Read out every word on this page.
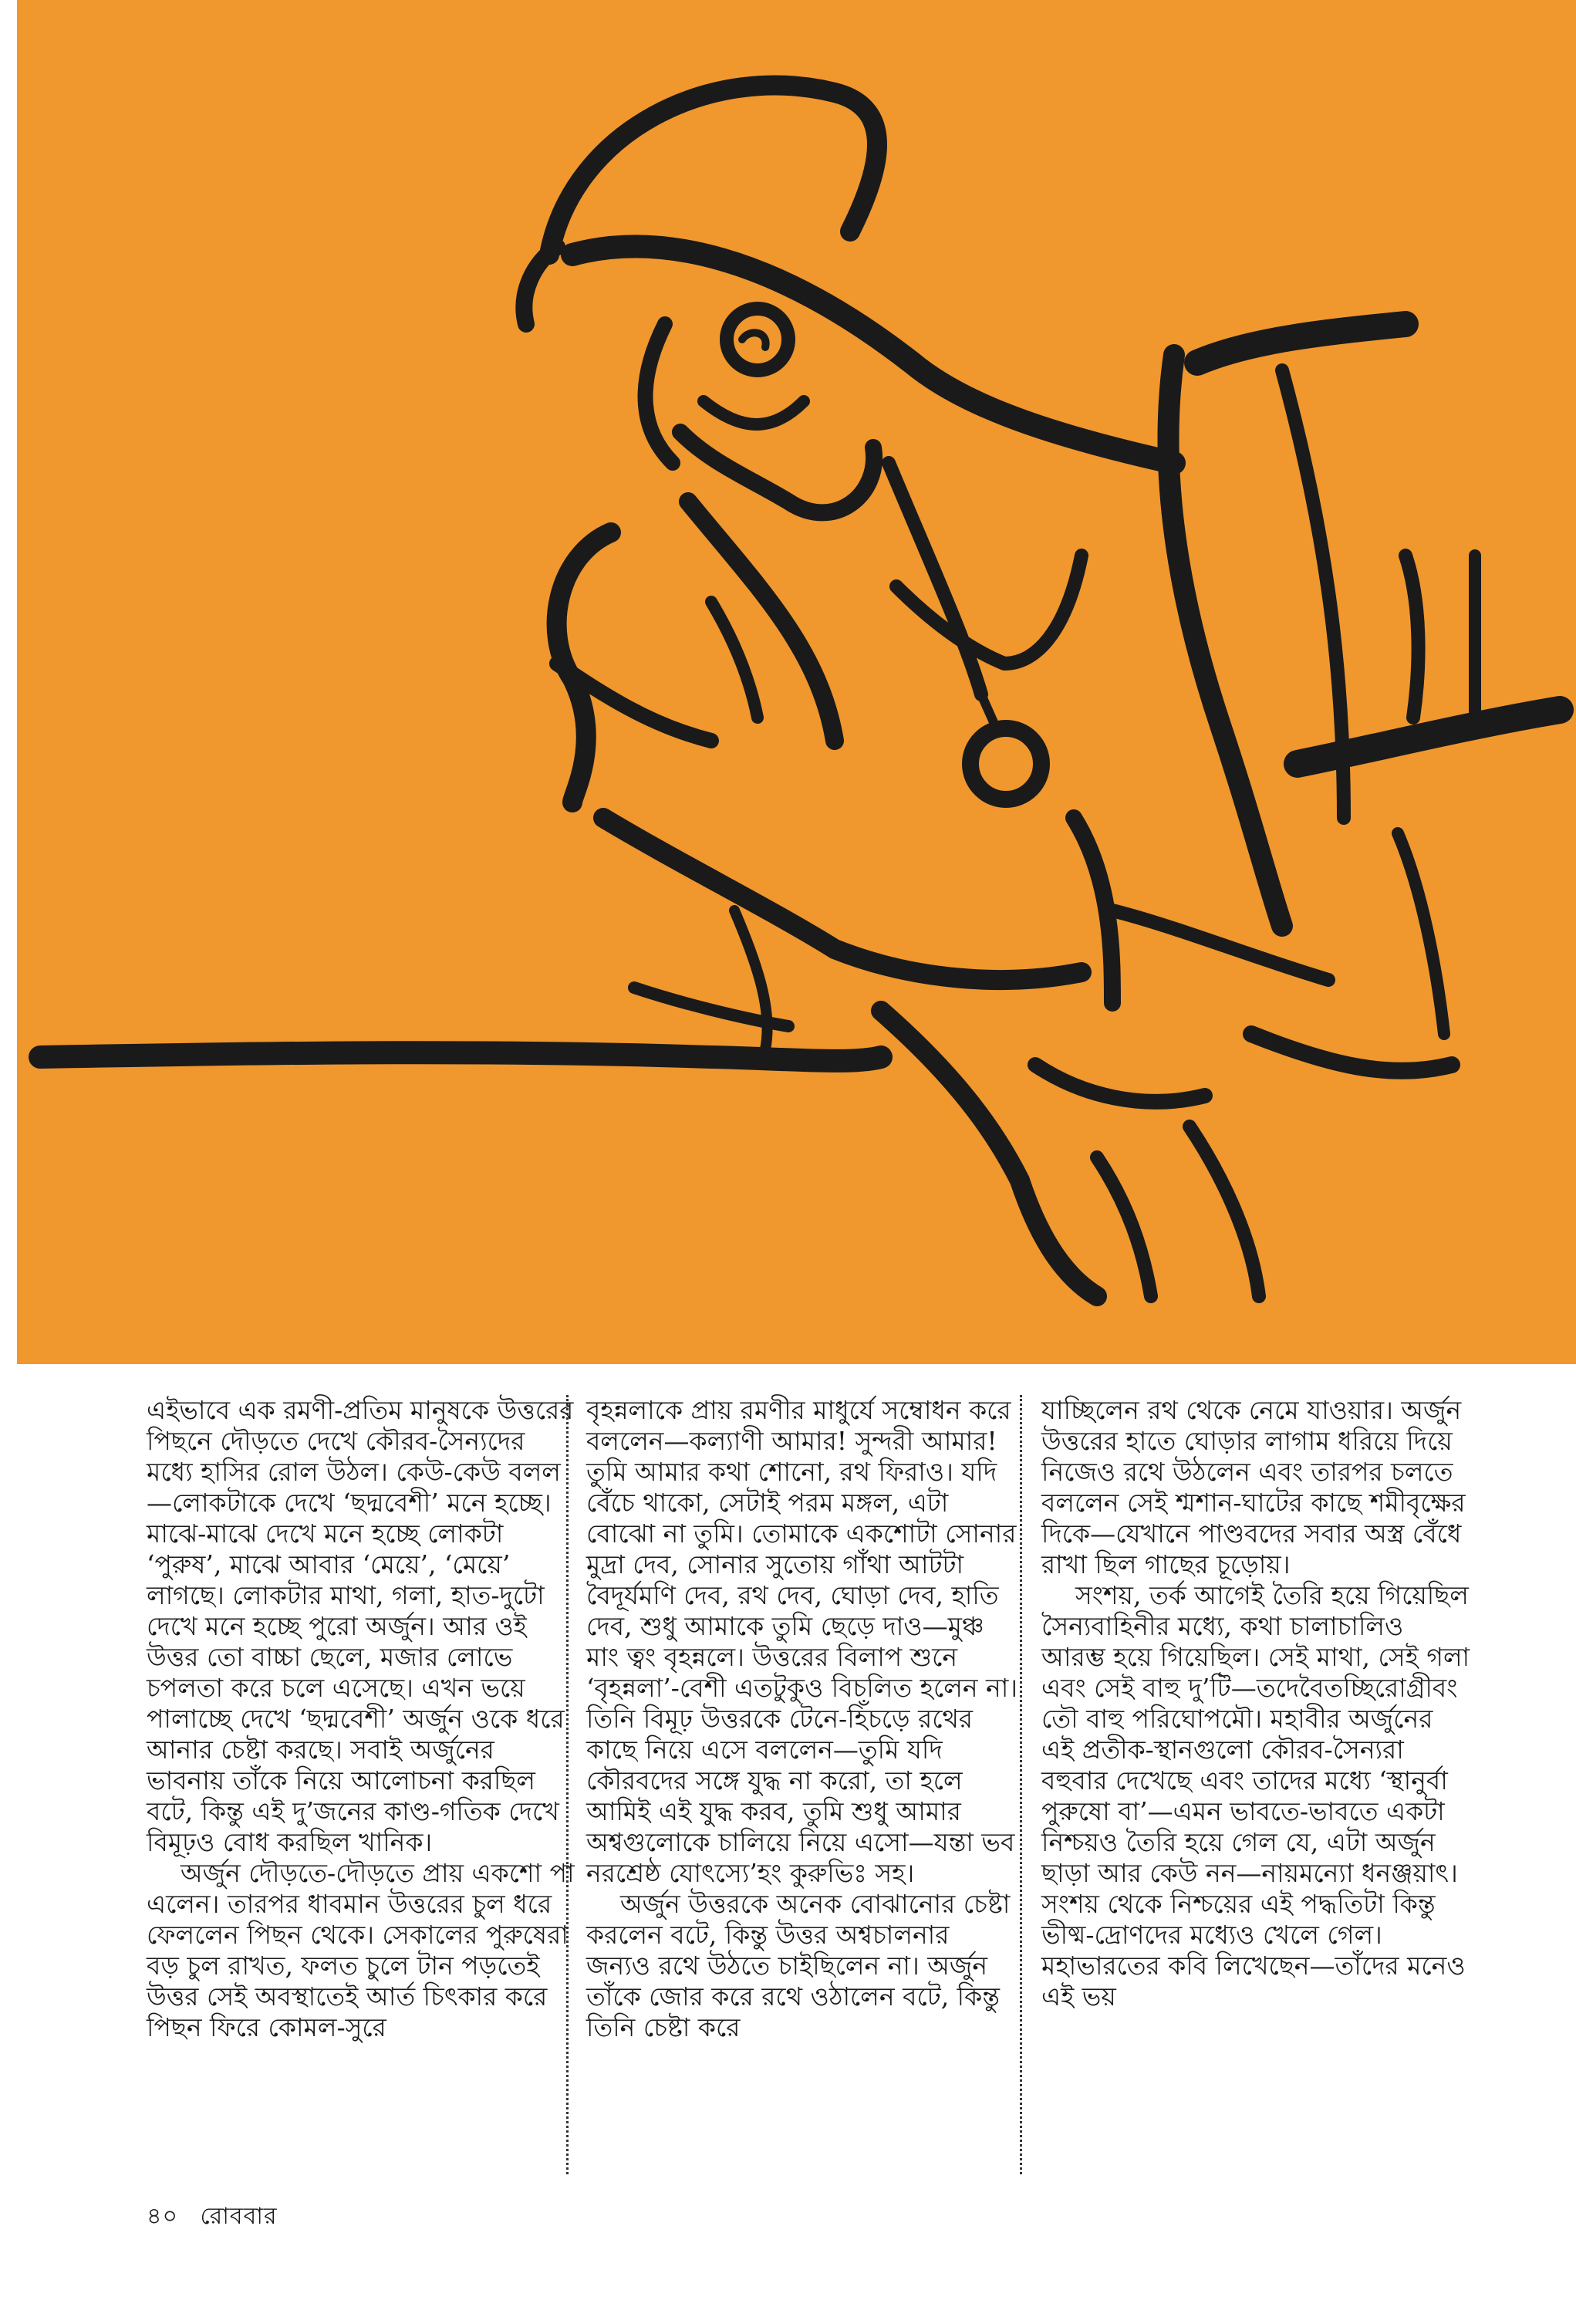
এইভাবে এক রমণী-প্রতিম মানুষকে উত্তরের পিছনে দৌড়তে দেখে কৌরব-সৈন্যদের মধ্যে হাসির রোল উঠল। কেউ-কেউ বলল—লোকটাকে দেখে ‘ছদ্মবেশী’ মনে হচ্ছে। মাঝে-মাঝে দেখে মনে হচ্ছে লোকটা ‘পুরুষ’, মাঝে আবার ‘মেয়ে’, ‘মেয়ে’ লাগছে। লোকটার মাথা, গলা, হাত-দুটো দেখে মনে হচ্ছে পুরো অর্জুন। আর ওই উত্তর তো বাচ্চা ছেলে, মজার লোভে চপলতা করে চলে এসেছে। এখন ভয়ে পালাচ্ছে দেখে ‘ছদ্মবেশী’ অর্জুন ওকে ধরে আনার চেষ্টা করছে। সবাই অর্জুনের ভাবনায় তাঁকে নিয়ে আলোচনা করছিল বটে, কিন্তু এই দু’জনের কাণ্ড-গতিক দেখে বিমূঢ়ও বোধ করছিল খানিক।

অর্জুন দৌড়তে-দৌড়তে প্রায় একশো পা এলেন। তারপর ধাবমান উত্তরের চুল ধরে ফেললেন পিছন থেকে। সেকালের পুরুষেরা বড় চুল রাখত, ফলত চুলে টান পড়তেই উত্তর সেই অবস্থাতেই আর্ত চিৎকার করে পিছন ফিরে কোমল-সুরে

বৃহন্নলাকে প্রায় রমণীর মাধুর্যে সম্বোধন করে বললেন—কল্যাণী আমার! সুন্দরী আমার! তুমি আমার কথা শোনো, রথ ফিরাও। যদি বেঁচে থাকো, সেটাই পরম মঙ্গল, এটা বোঝো না তুমি। তোমাকে একশোটা সোনার মুদ্রা দেব, সোনার সুতোয় গাঁথা আটটা বৈদূর্যমণি দেব, রথ দেব, ঘোড়া দেব, হাতি দেব, শুধু আমাকে তুমি ছেড়ে দাও—মুঞ্চ মাং ত্বং বৃহন্নলে। উত্তরের বিলাপ শুনে ‘বৃহন্নলা’-বেশী এতটুকুও বিচলিত হলেন না। তিনি বিমূঢ় উত্তরকে টেনে-হিঁচড়ে রথের কাছে নিয়ে এসে বললেন—তুমি যদি কৌরবদের সঙ্গে যুদ্ধ না করো, তা হলে আমিই এই যুদ্ধ করব, তুমি শুধু আমার অশ্বগুলোকে চালিয়ে নিয়ে এসো—যন্তা ভব নরশ্রেষ্ঠ যোৎস্যে’হং কুরুভিঃ সহ।

অর্জুন উত্তরকে অনেক বোঝানোর চেষ্টা করলেন বটে, কিন্তু উত্তর অশ্বচালনার জন্যও রথে উঠতে চাইছিলেন না। অর্জুন তাঁকে জোর করে রথে ওঠালেন বটে, কিন্তু তিনি চেষ্টা করে

যাচ্ছিলেন রথ থেকে নেমে যাওয়ার। অর্জুন উত্তরের হাতে ঘোড়ার লাগাম ধরিয়ে দিয়ে নিজেও রথে উঠলেন এবং তারপর চলতে বললেন সেই শ্মশান-ঘাটের কাছে শমীবৃক্ষের দিকে—যেখানে পাণ্ডবদের সবার অস্ত্র বেঁধে রাখা ছিল গাছের চূড়োয়।

সংশয়, তর্ক আগেই তৈরি হয়ে গিয়েছিল সৈন্যবাহিনীর মধ্যে, কথা চালাচালিও আরম্ভ হয়ে গিয়েছিল। সেই মাথা, সেই গলা এবং সেই বাহু দু’টি—তদেবৈতচ্ছিরোগ্রীবং তৌ বাহু পরিঘোপমৌ। মহাবীর অর্জুনের এই প্রতীক-স্থানগুলো কৌরব-সৈন্যরা বহুবার দেখেছে এবং তাদের মধ্যে ‘স্থানুর্বা পুরুষো বা’—এমন ভাবতে-ভাবতে একটা নিশ্চয়ও তৈরি হয়ে গেল যে, এটা অর্জুন ছাড়া আর কেউ নন—নায়মন্যো ধনঞ্জয়াৎ। সংশয় থেকে নিশ্চয়ের এই পদ্ধতিটা কিন্তু ভীষ্ম-দ্রোণদের মধ্যেও খেলে গেল। মহাভারতের কবি লিখেছেন—তাঁদের মনেও এই ভয়

৪০ রোববার
